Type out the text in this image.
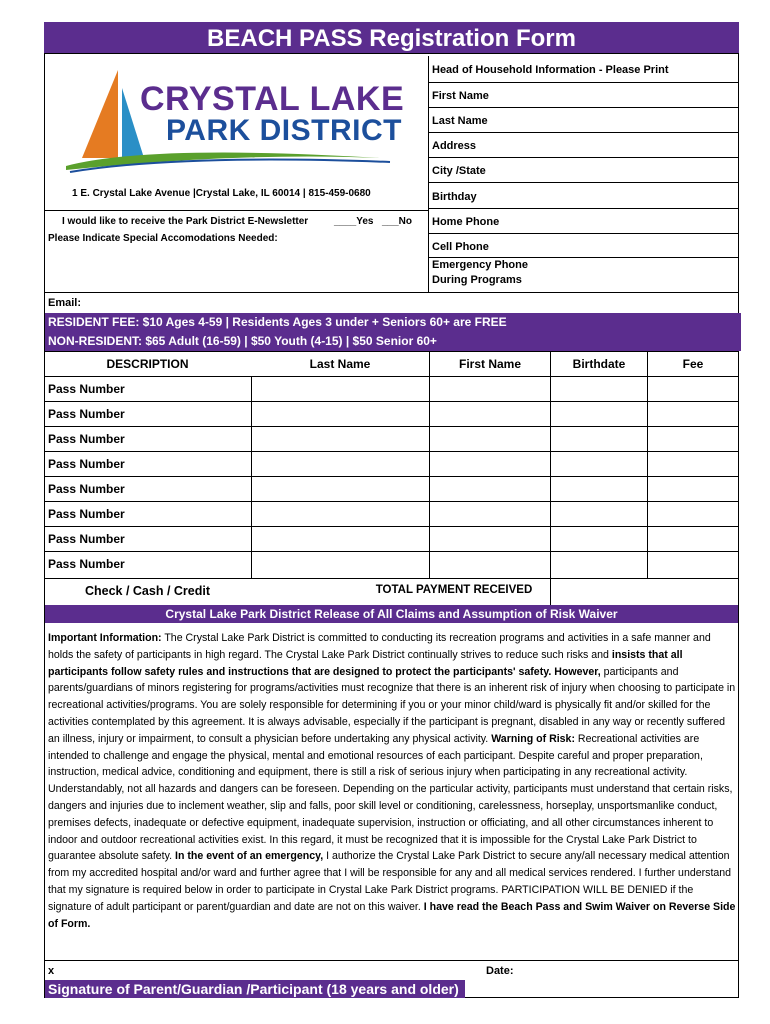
BEACH PASS Registration Form
CRYSTAL LAKE
PARK DISTRICT
1 E. Crystal Lake Avenue |Crystal Lake, IL 60014 | 815-459-0680
Head of Household Information - Please Print
First Name
Last Name
Address
City /State
Birthday
Home Phone
Cell Phone
Emergency Phone
During Programs
I would like to receive the Park District E-Newsletter	____Yes ___No
Please Indicate Special Accomodations Needed:
Email:
RESIDENT FEE: $10 Ages 4-59 | Residents Ages 3 under + Seniors 60+ are FREE
NON-RESIDENT: $65 Adult (16-59) | $50 Youth (4-15) | $50 Senior 60+
DESCRIPTION	Last Name	First Name	Birthdate	Fee
Pass Number
Pass Number
Pass Number
Pass Number
Pass Number
Pass Number
Pass Number
Pass Number
Check / Cash / Credit	TOTAL PAYMENT RECEIVED
Crystal Lake Park District Release of All Claims and Assumption of Risk Waiver
Important Information: The Crystal Lake Park District is committed to conducting its recreation programs and activities in a safe manner and holds the safety of participants in high regard. The Crystal Lake Park District continually strives to reduce such risks and insists that all participants follow safety rules and instructions that are designed to protect the participants' safety. However, participants and parents/guardians of minors registering for programs/activities must recognize that there is an inherent risk of injury when choosing to participate in recreational activities/programs. You are solely responsible for determining if you or your minor child/ward is physically fit and/or skilled for the activities contemplated by this agreement. It is always advisable, especially if the participant is pregnant, disabled in any way or recently suffered an illness, injury or impairment, to consult a physician before undertaking any physical activity. Warning of Risk: Recreational activities are intended to challenge and engage the physical, mental and emotional resources of each participant. Despite careful and proper preparation, instruction, medical advice, conditioning and equipment, there is still a risk of serious injury when participating in any recreational activity. Understandably, not all hazards and dangers can be foreseen. Depending on the particular activity, participants must understand that certain risks, dangers and injuries due to inclement weather, slip and falls, poor skill level or conditioning, carelessness, horseplay, unsportsmanlike conduct, premises defects, inadequate or defective equipment, inadequate supervision, instruction or officiating, and all other circumstances inherent to indoor and outdoor recreational activities exist. In this regard, it must be recognized that it is impossible for the Crystal Lake Park District to guarantee absolute safety. In the event of an emergency, I authorize the Crystal Lake Park District to secure any/all necessary medical attention from my accredited hospital and/or ward and further agree that I will be responsible for any and all medical services rendered. I further understand that my signature is required below in order to participate in Crystal Lake Park District programs. PARTICIPATION WILL BE DENIED if the signature of adult participant or parent/guardian and date are not on this waiver. I have read the Beach Pass and Swim Waiver on Reverse Side of Form.
x	Date:
Signature of Parent/Guardian /Participant (18 years and older)
